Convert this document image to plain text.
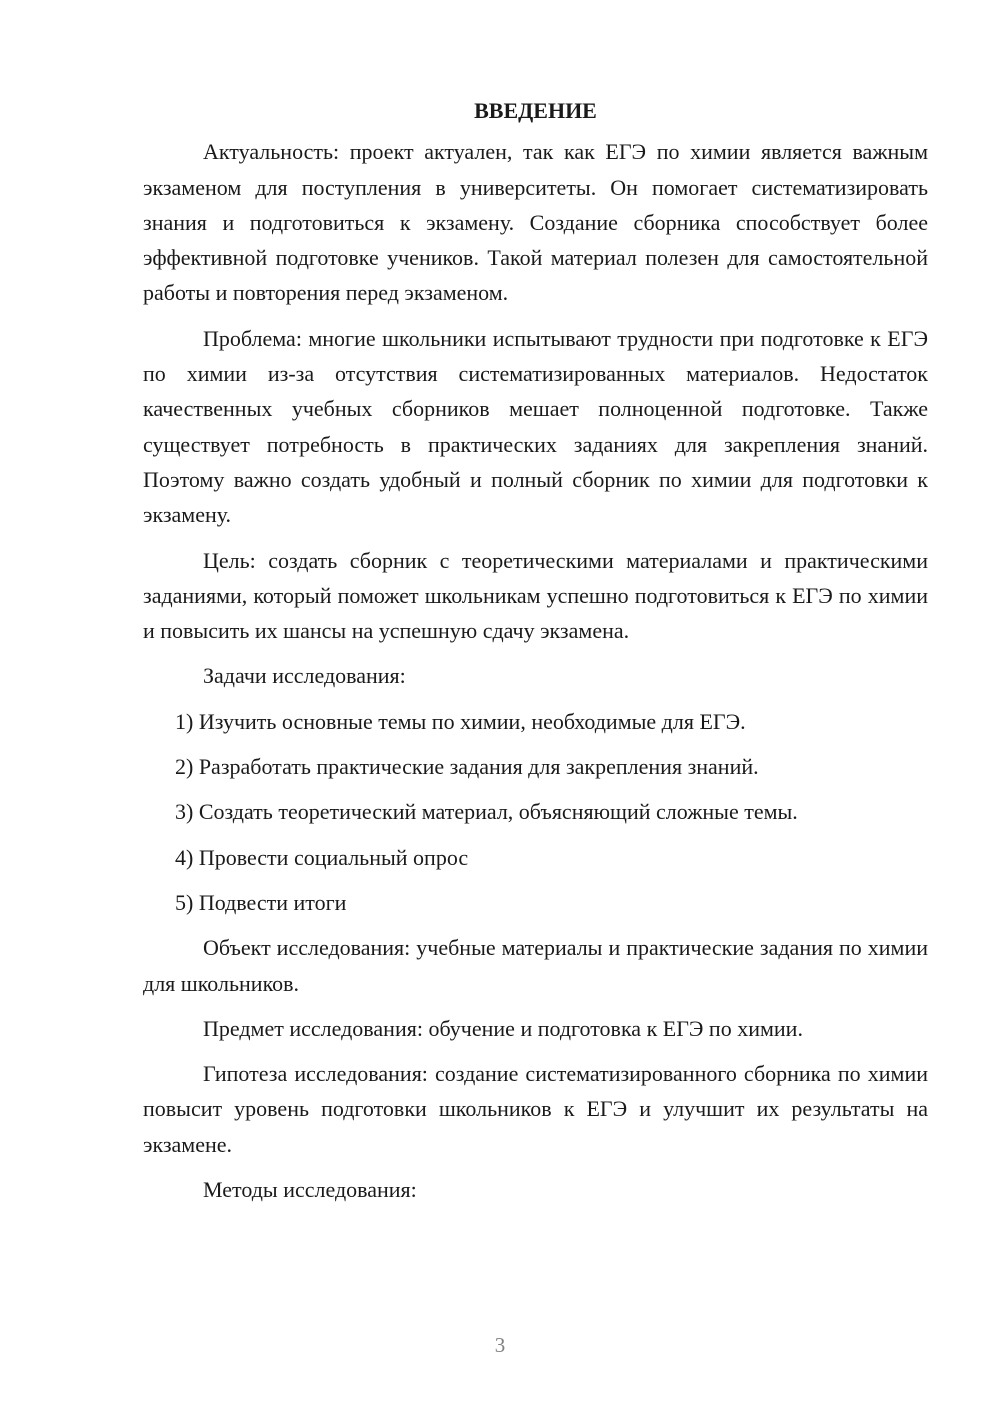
ВВЕДЕНИЕ

Актуальность: проект актуален, так как ЕГЭ по химии является важным экзаменом для поступления в университеты. Он помогает систематизировать знания и подготовиться к экзамену. Создание сборника способствует более эффективной подготовке учеников. Такой материал полезен для самостоятельной работы и повторения перед экзаменом.

Проблема: многие школьники испытывают трудности при подготовке к ЕГЭ по химии из-за отсутствия систематизированных материалов. Недостаток качественных учебных сборников мешает полноценной подготовке. Также существует потребность в практических заданиях для закрепления знаний. Поэтому важно создать удобный и полный сборник по химии для подготовки к экзамену.

Цель: создать сборник с теоретическими материалами и практическими заданиями, который поможет школьникам успешно подготовиться к ЕГЭ по химии и повысить их шансы на успешную сдачу экзамена.

Задачи исследования:

1) Изучить основные темы по химии, необходимые для ЕГЭ.

2) Разработать практические задания для закрепления знаний.

3) Создать теоретический материал, объясняющий сложные темы.

4) Провести социальный опрос

5) Подвести итоги

Объект исследования: учебные материалы и практические задания по химии для школьников.

Предмет исследования: обучение и подготовка к ЕГЭ по химии.

Гипотеза исследования: создание систематизированного сборника по химии повысит уровень подготовки школьников к ЕГЭ и улучшит их результаты на экзамене.

Методы исследования:

3
